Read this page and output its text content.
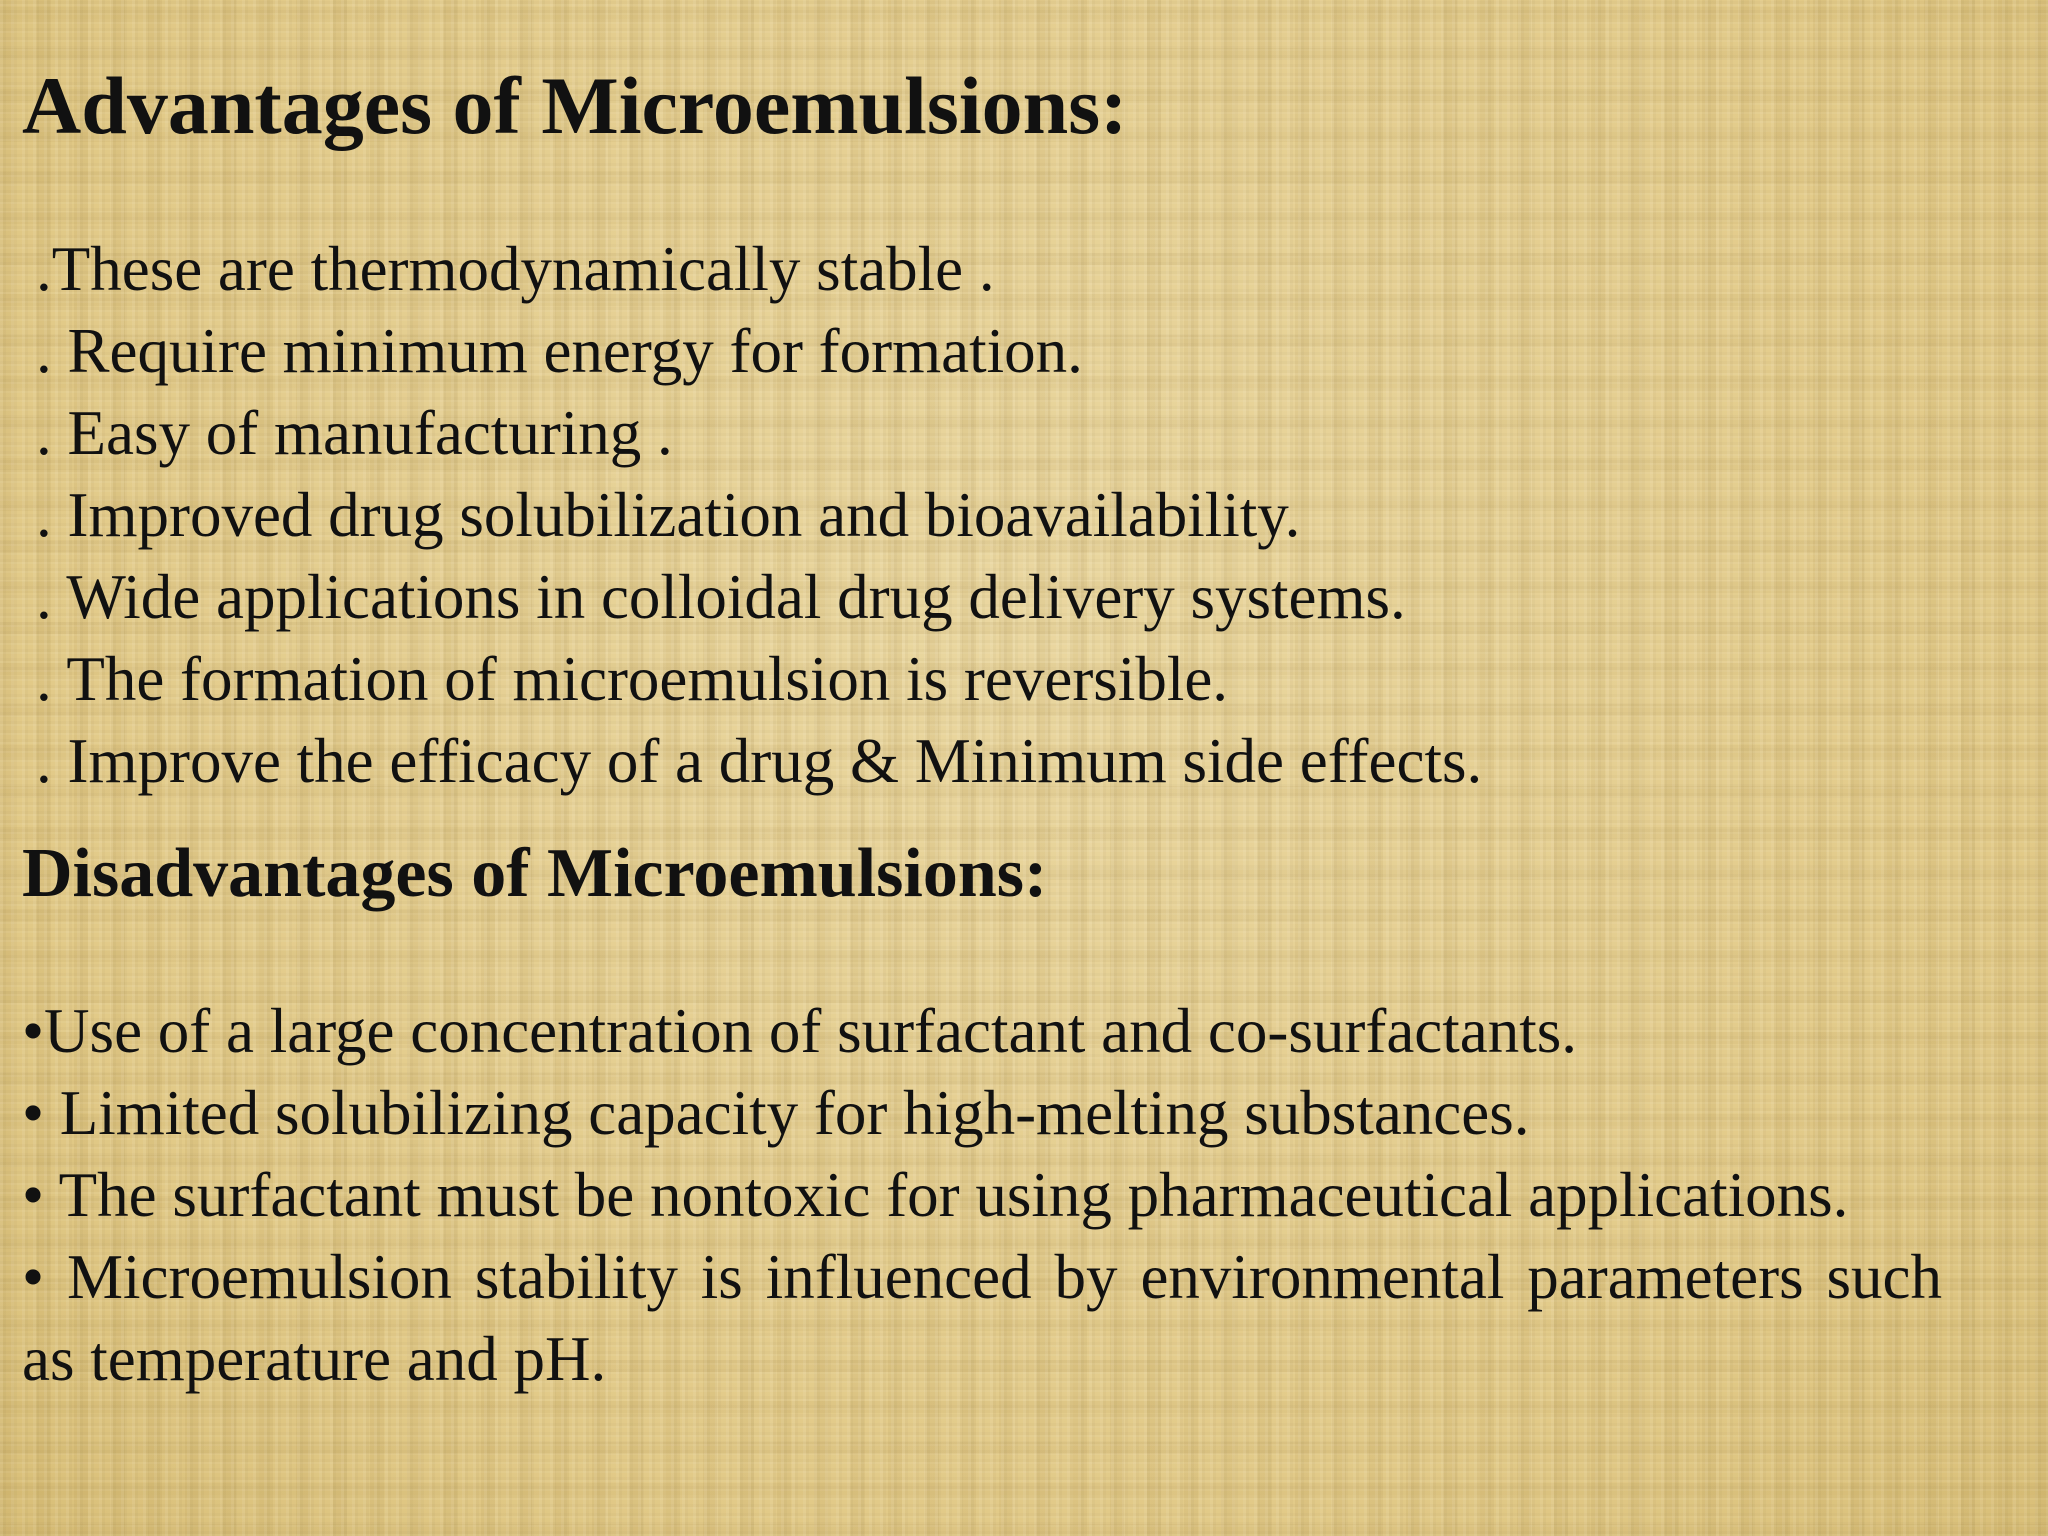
Advantages of Microemulsions:
.These are thermodynamically stable .
. Require minimum energy for formation.
. Easy of manufacturing .
. Improved drug solubilization and bioavailability.
. Wide applications in colloidal drug delivery systems.
. The formation of microemulsion is reversible.
. Improve the efficacy of a drug & Minimum side effects.
Disadvantages of Microemulsions:
•Use of a large concentration of surfactant and co-surfactants.
• Limited solubilizing capacity for high-melting substances.
• The surfactant must be nontoxic for using pharmaceutical applications.
• Microemulsion stability is influenced by environmental parameters such as temperature and pH.
